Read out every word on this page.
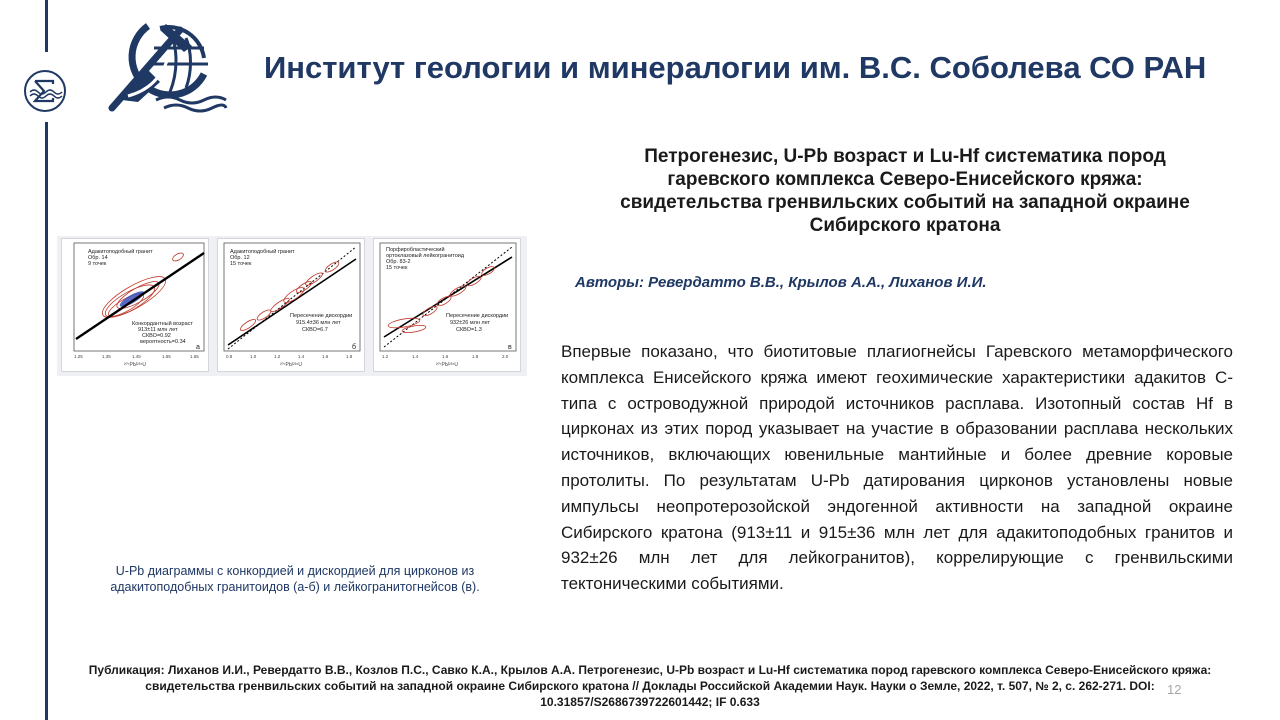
Институт геологии и минералогии им. В.С. Соболева СО РАН
Петрогенезис, U-Pb возраст и Lu-Hf систематика пород
гаревского комплекса Северо-Енисейского кряжа:
свидетельства гренвильских событий на западной окраине
Сибирского кратона
Авторы: Ревердатто В.В., Крылов А.А., Лиханов И.И.
Адакитоподобный гранит
Обр. 14
9 точек
Конкордантный возраст
913±11 млн лет
СКВО=0.92
вероятность=0.34
а
1.25	1.35	1.45	1.55	1.65
²⁰⁷Pb/²³⁵U
Адакитоподобный гранит
Обр. 12
15 точек
Пересечение дискордии
915.4±36 млн лет
СКВО=6.7
б
0.8	1.0	1.2	1.4	1.6	1.8
²⁰⁷Pb/²³⁵U
Порфиробластический
ортоклазовый лейкогранитоид
Обр. 83-2
15 точек
Пересечение дискордии
932±26 млн лет
СКВО=1.3
в
1.2	1.4	1.6	1.8	2.0
²⁰⁷Pb/²³⁵U
U-Pb диаграммы с конкордией и дискордией для цирконов из адакитоподобных гранитоидов (а-б) и лейкогранитогнейсов (в).
Впервые показано, что биотитовые плагиогнейсы Гаревского метаморфического комплекса Енисейского кряжа имеют геохимические характеристики адакитов С-типа с островодужной природой источников расплава. Изотопный состав Hf в цирконах из этих пород указывает на участие в образовании расплава нескольких источников, включающих ювенильные мантийные и более древние коровые протолиты. По результатам U-Pb датирования цирконов установлены новые импульсы неопротерозойской эндогенной активности на западной окраине Сибирского кратона (913±11 и 915±36 млн лет для адакитоподобных гранитов и 932±26 млн лет для лейкогранитов), коррелирующие с гренвильскими тектоническими событиями.
Публикация: Лиханов И.И., Ревердатто В.В., Козлов П.С., Савко К.А., Крылов А.А. Петрогенезис, U-Pb возраст и Lu-Hf систематика пород гаревского комплекса Северо-Енисейского кряжа:
свидетельства гренвильских событий на западной окраине Сибирского кратона // Доклады Российской Академии Наук. Науки о Земле, 2022, т. 507, № 2, с. 262-271. DOI:
10.31857/S2686739722601442; IF 0.633
12
